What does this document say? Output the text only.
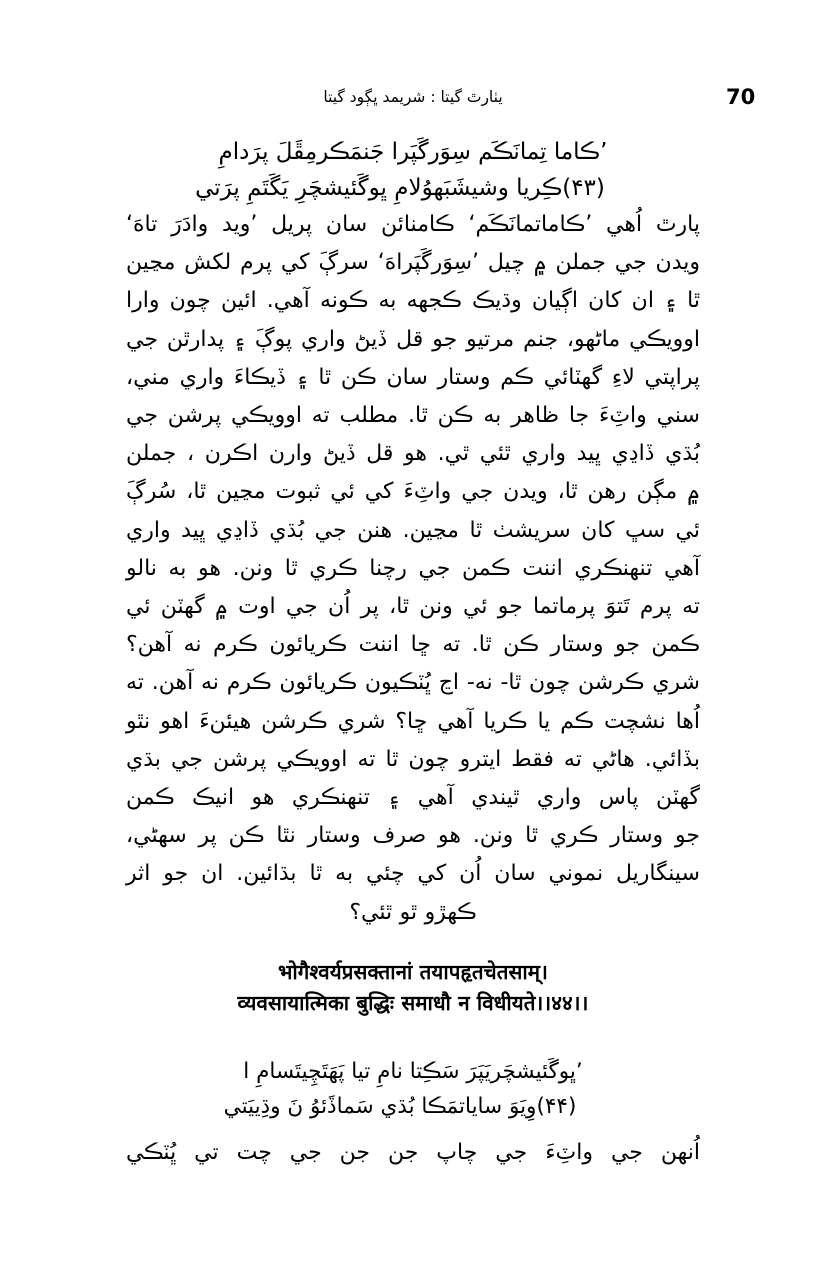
يٺارٿ گيتا : شريمد ڀڳود گيتا	70
’ڪاما تِمانَڪَم سِوَرگَپَرا جَنمَڪرمِڦَلَ پرَدامِ
(۴۳)ڪِريا وشيشَبَهوُلامِ ڀوگَئيشچَرِ يَگَتَمِ پرَتي
پارٿ اُهي ’ڪاماتمانَڪَم‘ ڪامنائن سان پريل ’ويد وادَرَ تاهَ‘
ويدن جي جملن ۾ چيل ’سِوَرگَپَراهَ‘ سرڳَ کي پرم لکش مڃين
ٿا ۽ ان کان اڳيان وڌيڪ ڪجهه به ڪونه آهي. ائين چون وارا
اوويڪي ماڻهو، جنم مرتيو جو قل ڏيڻ واري پوڳَ ۽ پدارٿن جي
پراپتي لاءِ گهٽائي ڪم وستار سان ڪن ٿا ۽ ڏيڪاءَ واري مني،
سني واٽِءَ جا ظاهر به ڪن ٿا. مطلب ته اوويڪي پرشن جي
بُڌي ڏاڍي ڀيد واري ٿئي ٿي. هو قل ڏيڻ وارن اڪرن ، جملن
۾ مڳن رهن ٿا، ويدن جي واٽِءَ کي ئي ثبوت مڃين ٿا، سُرڳَ
ئي سڀ کان سريشٺ ٿا مڃين. هنن جي بُڌي ڏاڍي ڀيد واري
آهي تنهنڪري اننت ڪمن جي رچنا ڪري ٿا ونن. هو به نالو
ته پرم تَتوَ پرماتما جو ئي ونن ٿا، پر اُن جي اوت ۾ گهٽن ئي
ڪمن جو وستار ڪن ٿا. ته ڇا اننت ڪريائون ڪرم نه آهن؟
شري ڪرشن چون ٿا- نه- اڃ ڀُٽڪيون ڪريائون ڪرم نه آهن. ته
اُها نشچت ڪم يا ڪريا آهي ڇا؟ شري ڪرشن هيئنءَ اهو نٿو
بڏائي. هاڻي ته فقط ايترو چون ٿا ته اوويڪي پرشن جي بڌي
گهٽن پاس واري ٿيندي آهي ۽ تنهنڪري هو انيڪ ڪمن
جو وستار ڪري ٿا ونن. هو صرف وستار نٿا ڪن پر سهڻي،
سينگاريل نموني سان اُن کي چئي به ٿا بڌائين. ان جو اثر
ڪهڙو ٿو ٿئي؟
भोगैश्वर्यप्रसक्तानां तयापहृतचेतसाम्।
व्यवसायात्मिका बुद्धिः समाधौ न विधीयते।।४४।।
’ڀوگَئيشچَريَپَرَ سَڪِتا نامِ تيا پَهَتَچِيتَسامِ ا
(۴۴)وِيَوَ ساياتمَڪا بُڌي سَماڏَئوُ نَ وڌِييَتي
اُنهن جي واٽِءَ جي چاپ جن جن جي چت تي ڀُٽڪي
